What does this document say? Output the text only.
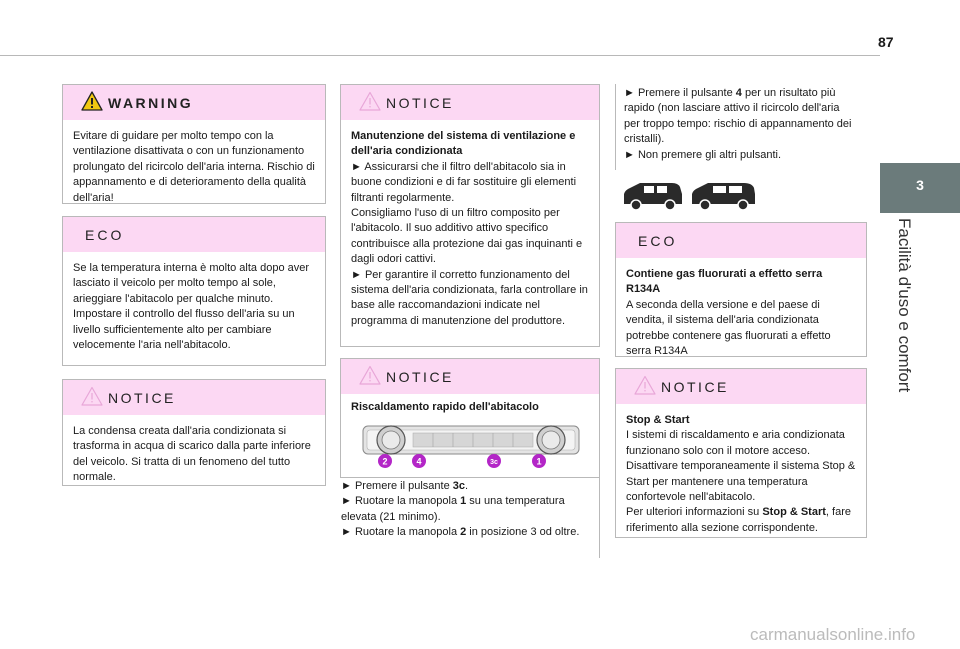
87
3
Facilità d'uso e comfort
WARNING

Evitare di guidare per molto tempo con la ventilazione disattivata o con un funzionamento prolungato del ricircolo dell'aria interna. Rischio di appannamento e di deterioramento della qualità dell'aria!

ECO

Se la temperatura interna è molto alta dopo aver lasciato il veicolo per molto tempo al sole, arieggiare l'abitacolo per qualche minuto.

Impostare il controllo del flusso dell'aria su un livello sufficientemente alto per cambiare velocemente l'aria nell'abitacolo.

NOTICE

La condensa creata dall'aria condizionata si trasforma in acqua di scarico dalla parte inferiore del veicolo. Si tratta di un fenomeno del tutto normale.

NOTICE

Manutenzione del sistema di ventilazione e dell'aria condizionata

► Assicurarsi che il filtro dell'abitacolo sia in buone condizioni e di far sostituire gli elementi filtranti regolarmente.

Consigliamo l'uso di un filtro composito per l'abitacolo. Il suo additivo attivo specifico contribuisce alla protezione dai gas inquinanti e dagli odori cattivi.

► Per garantire il corretto funzionamento del sistema dell'aria condizionata, farla controllare in base alle raccomandazioni indicate nel programma di manutenzione del produttore.

NOTICE

Riscaldamento rapido dell'abitacolo

2	4	3c	1

► Premere il pulsante 3c.

► Ruotare la manopola 1 su una temperatura elevata (21 minimo).

► Ruotare la manopola 2 in posizione 3 od oltre.

► Premere il pulsante 4 per un risultato più rapido (non lasciare attivo il ricircolo dell'aria per troppo tempo: rischio di appannamento dei cristalli).

► Non premere gli altri pulsanti.

ECO

Contiene gas fluorurati a effetto serra R134A

A seconda della versione e del paese di vendita, il sistema dell'aria condizionata potrebbe contenere gas fluorurati a effetto serra R134A

NOTICE

Stop & Start

I sistemi di riscaldamento e aria condizionata funzionano solo con il motore acceso.

Disattivare temporaneamente il sistema Stop & Start per mantenere una temperatura confortevole nell'abitacolo.

Per ulteriori informazioni su Stop & Start, fare riferimento alla sezione corrispondente.

carmanualsonline.info
